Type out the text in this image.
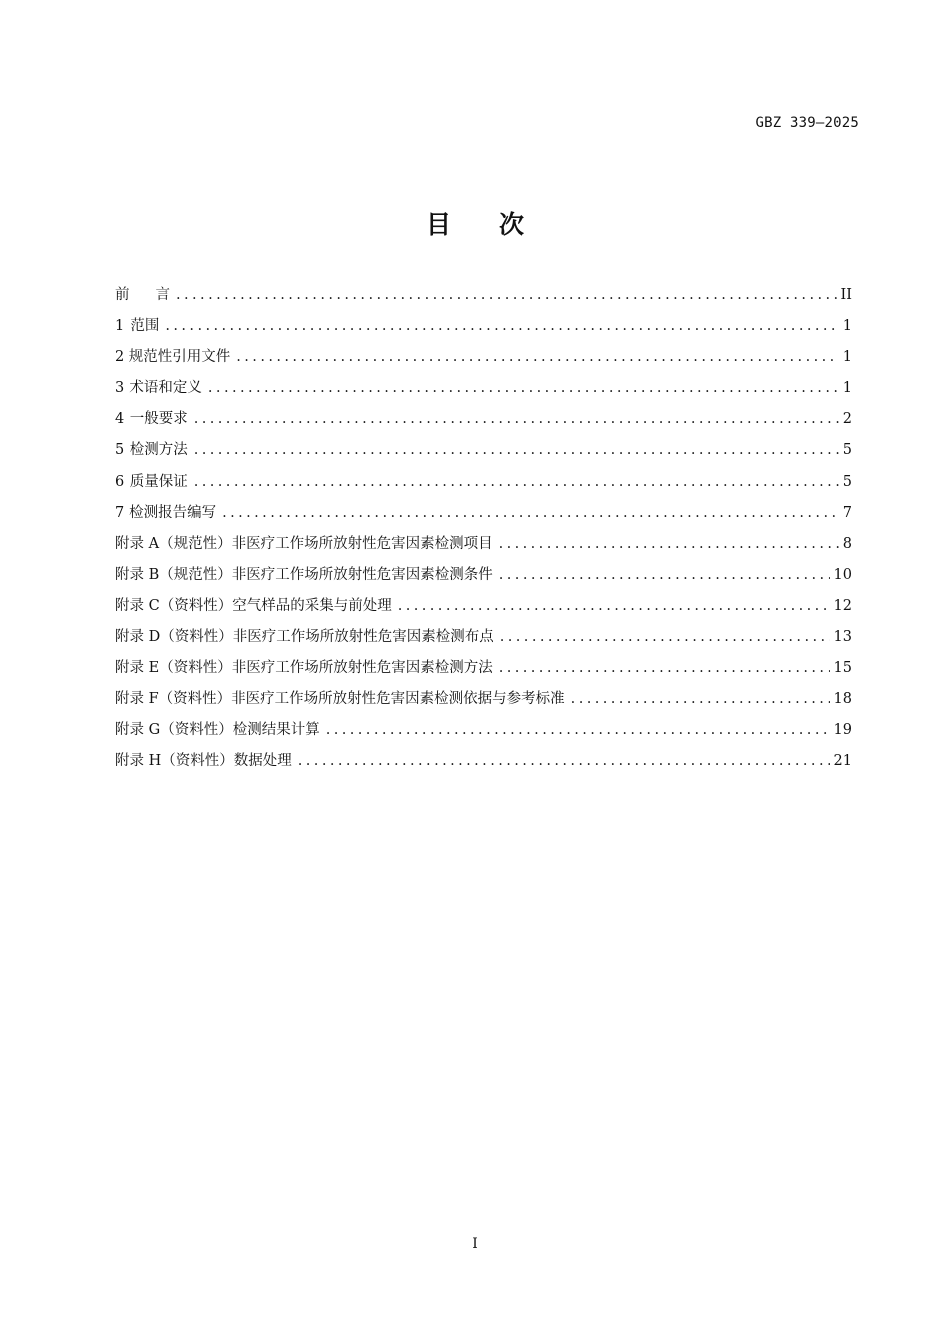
GBZ 339—2025
目 次
前 言 . . .	II
1 范围 . . .	1
2 规范性引用文件 . . .	1
3 术语和定义 . . .	1
4 一般要求 . . .	2
5 检测方法 . . .	5
6 质量保证 . . .	5
7 检测报告编写 . . .	7
附录 A （规范性） 非医疗工作场所放射性危害因素检测项目 . . .	8
附录 B （规范性） 非医疗工作场所放射性危害因素检测条件 . . .	10
附录 C （资料性） 空气样品的采集与前处理 . . .	12
附录 D （资料性） 非医疗工作场所放射性危害因素检测布点 . . .	13
附录 E （资料性） 非医疗工作场所放射性危害因素检测方法 . . .	15
附录 F （资料性） 非医疗工作场所放射性危害因素检测依据与参考标准 . . .	18
附录 G （资料性） 检测结果计算 . . .	19
附录 H （资料性） 数据处理 . . .	21
I
